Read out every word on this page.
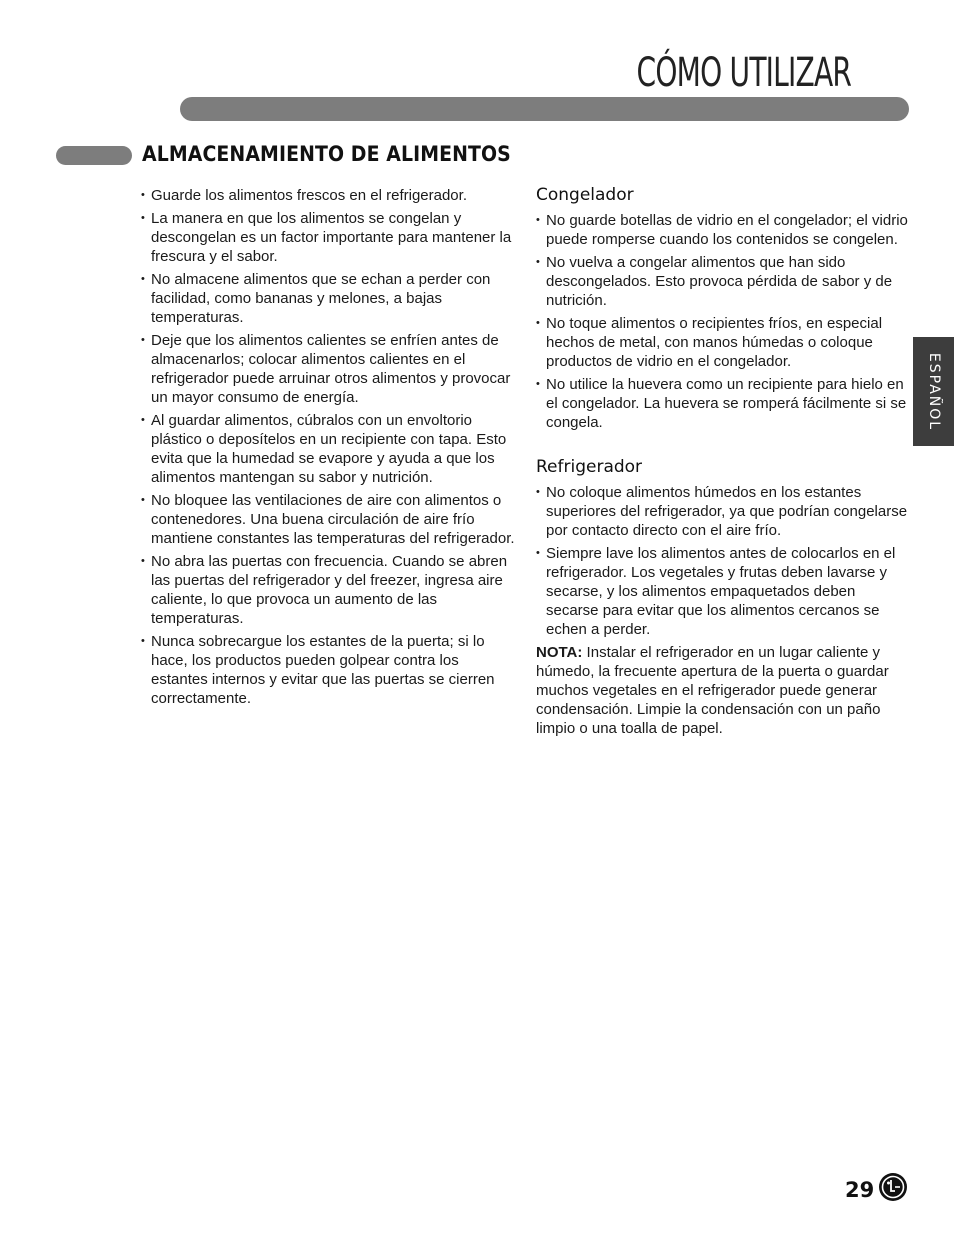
CÓMO UTILIZAR
ALMACENAMIENTO DE ALIMENTOS
• Guarde los alimentos frescos en el refrigerador.
• La manera en que los alimentos se congelan y descongelan es un factor importante para mantener la frescura y el sabor.
• No almacene alimentos que se echan a perder con facilidad, como bananas y melones, a bajas temperaturas.
• Deje que los alimentos calientes se enfríen antes de almacenarlos; colocar alimentos calientes en el refrigerador puede arruinar otros alimentos y provocar un mayor consumo de energía.
• Al guardar alimentos, cúbralos con un envoltorio plástico o deposítelos en un recipiente con tapa. Esto evita que la humedad se evapore y ayuda a que los alimentos mantengan su sabor y nutrición.
• No bloquee las ventilaciones de aire con alimentos o contenedores. Una buena circulación de aire frío mantiene constantes las temperaturas del refrigerador.
• No abra las puertas con frecuencia. Cuando se abren las puertas del refrigerador y del freezer, ingresa aire caliente, lo que provoca un aumento de las temperaturas.
• Nunca sobrecargue los estantes de la puerta; si lo hace, los productos pueden golpear contra los estantes internos y evitar que las puertas se cierren correctamente.
Congelador
• No guarde botellas de vidrio en el congelador; el vidrio puede romperse cuando los contenidos se congelen.
• No vuelva a congelar alimentos que han sido descongelados. Esto provoca pérdida de sabor y de nutrición.
• No toque alimentos o recipientes fríos, en especial hechos de metal, con manos húmedas o coloque productos de vidrio en el congelador.
• No utilice la huevera como un recipiente para hielo en el congelador. La huevera se romperá fácilmente si se congela.
Refrigerador
• No coloque alimentos húmedos en los estantes superiores del refrigerador, ya que podrían congelarse por contacto directo con el aire frío.
• Siempre lave los alimentos antes de colocarlos en el refrigerador. Los vegetales y frutas deben lavarse y secarse, y los alimentos empaquetados deben secarse para evitar que los alimentos cercanos se echen a perder.
NOTA: Instalar el refrigerador en un lugar caliente y húmedo, la frecuente apertura de la puerta o guardar muchos vegetales en el refrigerador puede generar condensación. Limpie la condensación con un paño limpio o una toalla de papel.
ESPAÑOL
29
